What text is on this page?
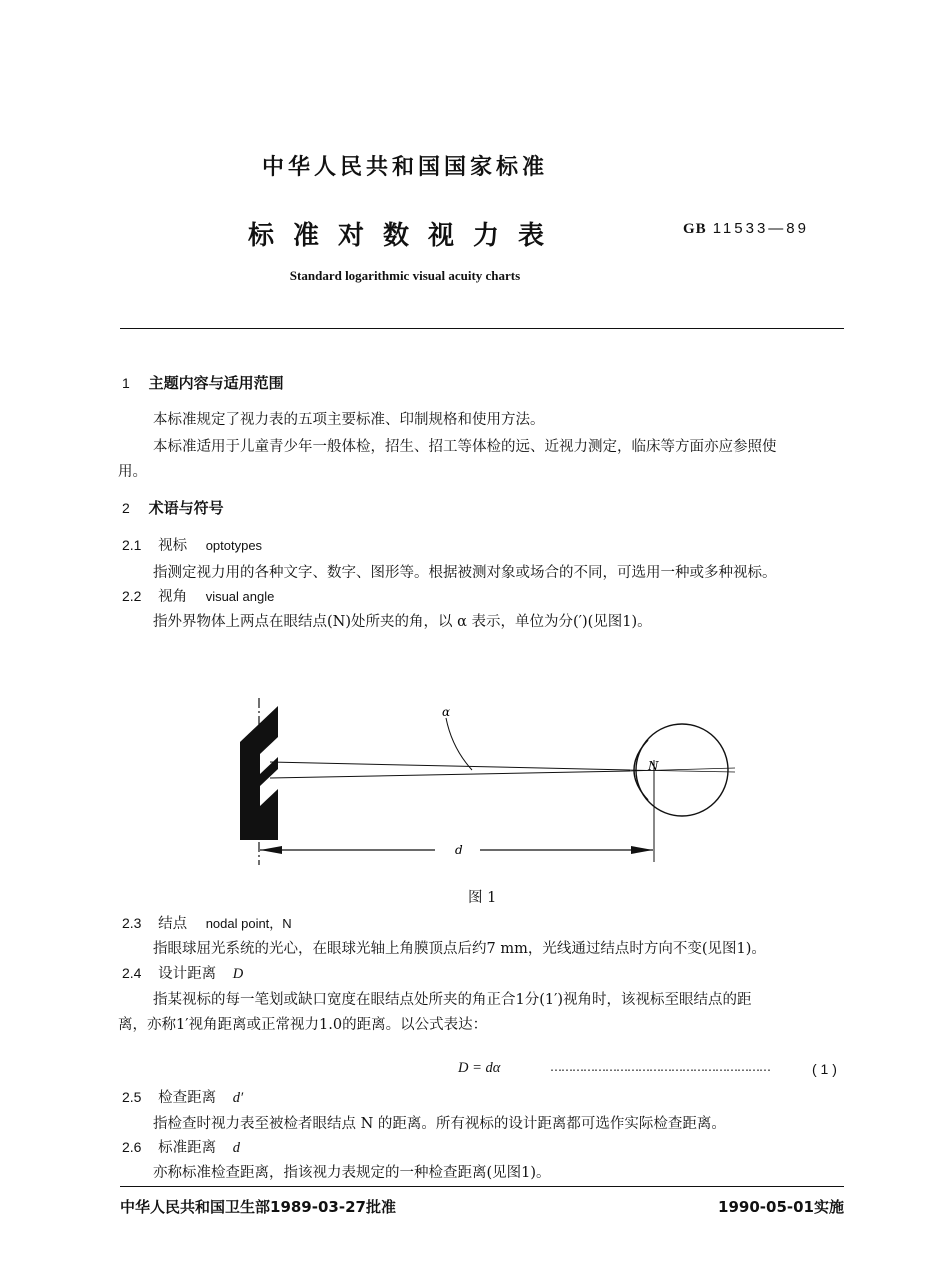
中华人民共和国国家标准
标准对数视力表	GB 11533—89
Standard logarithmic visual acuity charts
1 主题内容与适用范围
本标准规定了视力表的五项主要标准、印制规格和使用方法。
本标准适用于儿童青少年一般体检，招生、招工等体检的远、近视力测定，临床等方面亦应参照使
用。
2 术语与符号
2.1 视标 optotypes
指测定视力用的各种文字、数字、图形等。根据被测对象或场合的不同，可选用一种或多种视标。
2.2 视角 visual angle
指外界物体上两点在眼结点(N)处所夹的角，以 α 表示，单位为分(′)(见图1)。
α
N
d
图 1
2.3 结点 nodal point，N
指眼球屈光系统的光心，在眼球光轴上角膜顶点后约7 mm，光线通过结点时方向不变(见图1)。
2.4 设计距离 D
指某视标的每一笔划或缺口宽度在眼结点处所夹的角正合1分(1′)视角时，该视标至眼结点的距
离，亦称1′视角距离或正常视力1.0的距离。以公式表达：
D = dα	……………………………………………………	( 1 )
2.5 检查距离 d′
指检查时视力表至被检者眼结点 N 的距离。所有视标的设计距离都可选作实际检查距离。
2.6 标准距离 d
亦称标准检查距离，指该视力表规定的一种检查距离(见图1)。
中华人民共和国卫生部1989-03-27批准	1990-05-01实施
